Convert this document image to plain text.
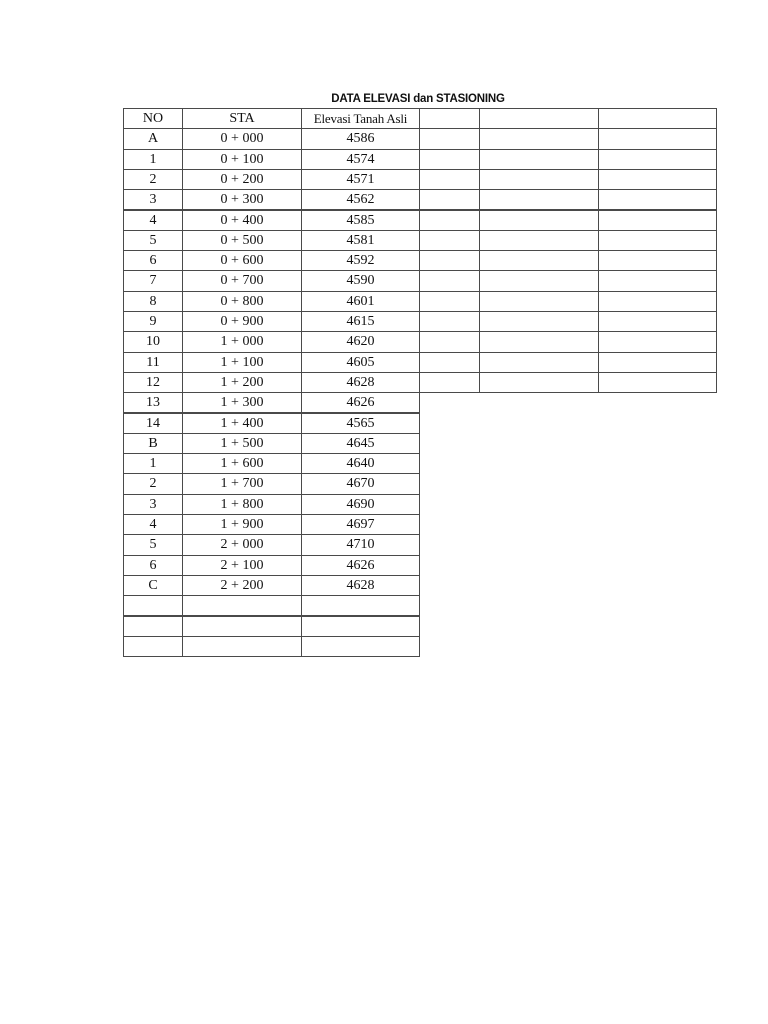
DATA ELEVASI dan STASIONING
NO	STA	Elevasi Tanah Asli
A	0 + 000	4586
1	0 + 100	4574
2	0 + 200	4571
3	0 + 300	4562
4	0 + 400	4585
5	0 + 500	4581
6	0 + 600	4592
7	0 + 700	4590
8	0 + 800	4601
9	0 + 900	4615
10	1 + 000	4620
11	1 + 100	4605
12	1 + 200	4628
13	1 + 300	4626
14	1 + 400	4565
B	1 + 500	4645
1	1 + 600	4640
2	1 + 700	4670
3	1 + 800	4690
4	1 + 900	4697
5	2 + 000	4710
6	2 + 100	4626
C	2 + 200	4628
